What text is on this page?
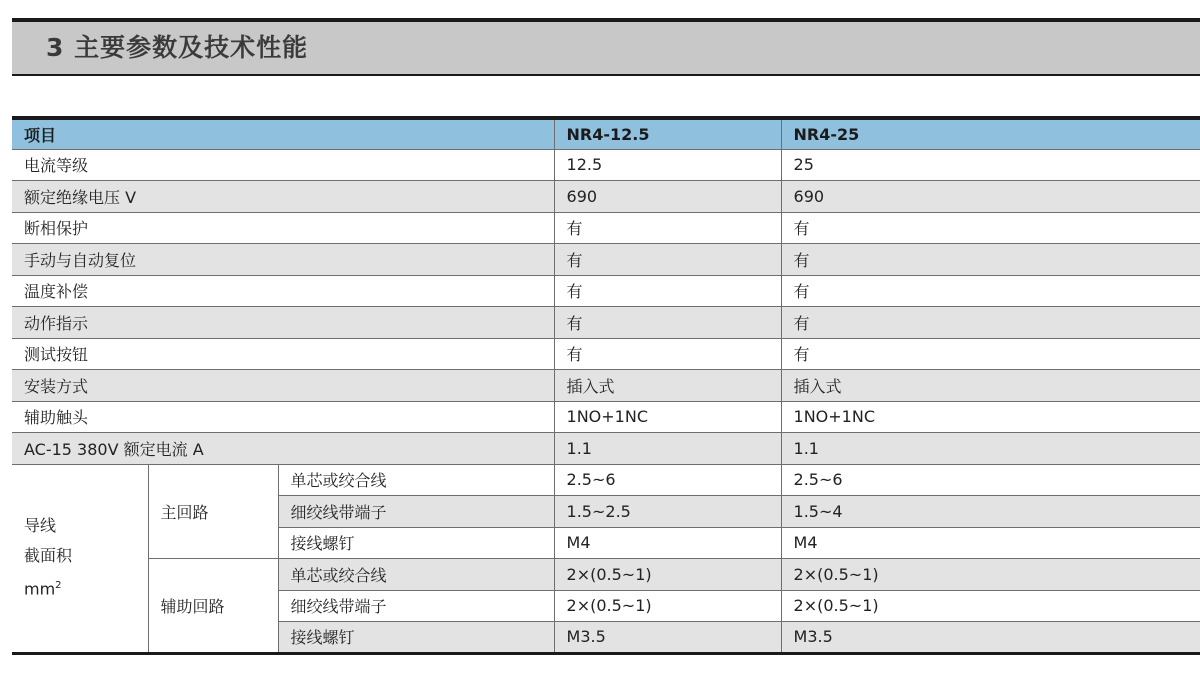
3 主要参数及技术性能
项目			NR4-12.5	NR4-25
电流等级			12.5	25
额定绝缘电压 V			690	690
断相保护			有	有
手动与自动复位			有	有
温度补偿			有	有
动作指示			有	有
测试按钮			有	有
安装方式			插入式	插入式
辅助触头			1NO+1NC	1NO+1NC
AC-15 380V 额定电流 A			1.1	1.1

导线
截面积
$mm^2$	主回路	单芯或绞合线	2.5~6	2.5~6
		细绞线带端子	1.5~2.5	1.5~4
		接线螺钉	M4	M4
	辅助回路	单芯或绞合线	2×(0.5~1)	2×(0.5~1)
		细绞线带端子	2×(0.5~1)	2×(0.5~1)
		接线螺钉	M3.5	M3.5
